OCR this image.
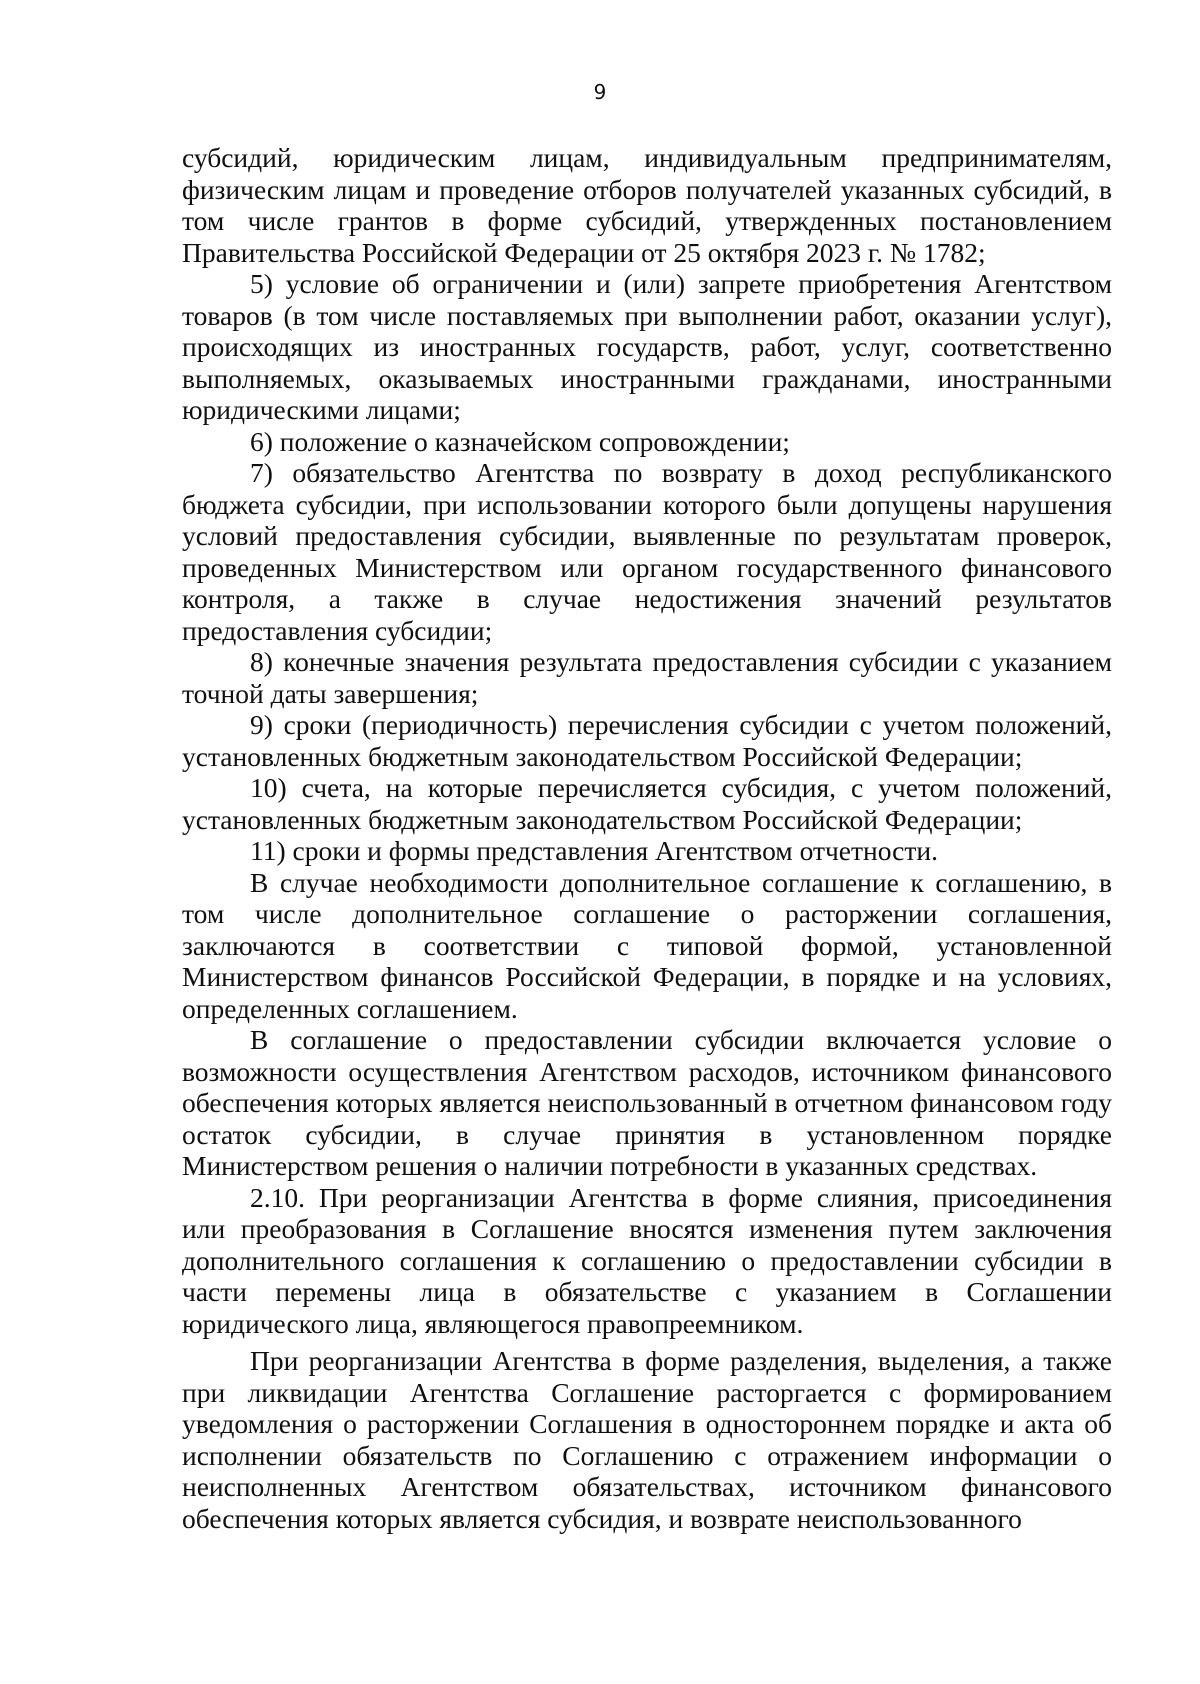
9

субсидий, юридическим лицам, индивидуальным предпринимателям, физическим лицам и проведение отборов получателей указанных субсидий, в том числе грантов в форме субсидий, утвержденных постановлением Правительства Российской Федерации от 25 октября 2023 г. № 1782;

5) условие об ограничении и (или) запрете приобретения Агентством товаров (в том числе поставляемых при выполнении работ, оказании услуг), происходящих из иностранных государств, работ, услуг, соответственно выполняемых, оказываемых иностранными гражданами, иностранными юридическими лицами;

6) положение о казначейском сопровождении;

7) обязательство Агентства по возврату в доход республиканского бюджета субсидии, при использовании которого были допущены нарушения условий предоставления субсидии, выявленные по результатам проверок, проведенных Министерством или органом государственного финансового контроля, а также в случае недостижения значений результатов предоставления субсидии;

8) конечные значения результата предоставления субсидии с указанием точной даты завершения;

9) сроки (периодичность) перечисления субсидии с учетом положений, установленных бюджетным законодательством Российской Федерации;

10) счета, на которые перечисляется субсидия, с учетом положений, установленных бюджетным законодательством Российской Федерации;

11) сроки и формы представления Агентством отчетности.

В случае необходимости дополнительное соглашение к соглашению, в том числе дополнительное соглашение о расторжении соглашения, заключаются в соответствии с типовой формой, установленной Министерством финансов Российской Федерации, в порядке и на условиях, определенных соглашением.

В соглашение о предоставлении субсидии включается условие о возможности осуществления Агентством расходов, источником финансового обеспечения которых является неиспользованный в отчетном финансовом году остаток субсидии, в случае принятия в установленном порядке Министерством решения о наличии потребности в указанных средствах.

2.10. При реорганизации Агентства в форме слияния, присоединения или преобразования в Соглашение вносятся изменения путем заключения дополнительного соглашения к соглашению о предоставлении субсидии в части перемены лица в обязательстве с указанием в Соглашении юридического лица, являющегося правопреемником.

При реорганизации Агентства в форме разделения, выделения, а также при ликвидации Агентства Соглашение расторгается с формированием уведомления о расторжении Соглашения в одностороннем порядке и акта об исполнении обязательств по Соглашению с отражением информации о неисполненных Агентством обязательствах, источником финансового обеспечения которых является субсидия, и возврате неиспользованного
